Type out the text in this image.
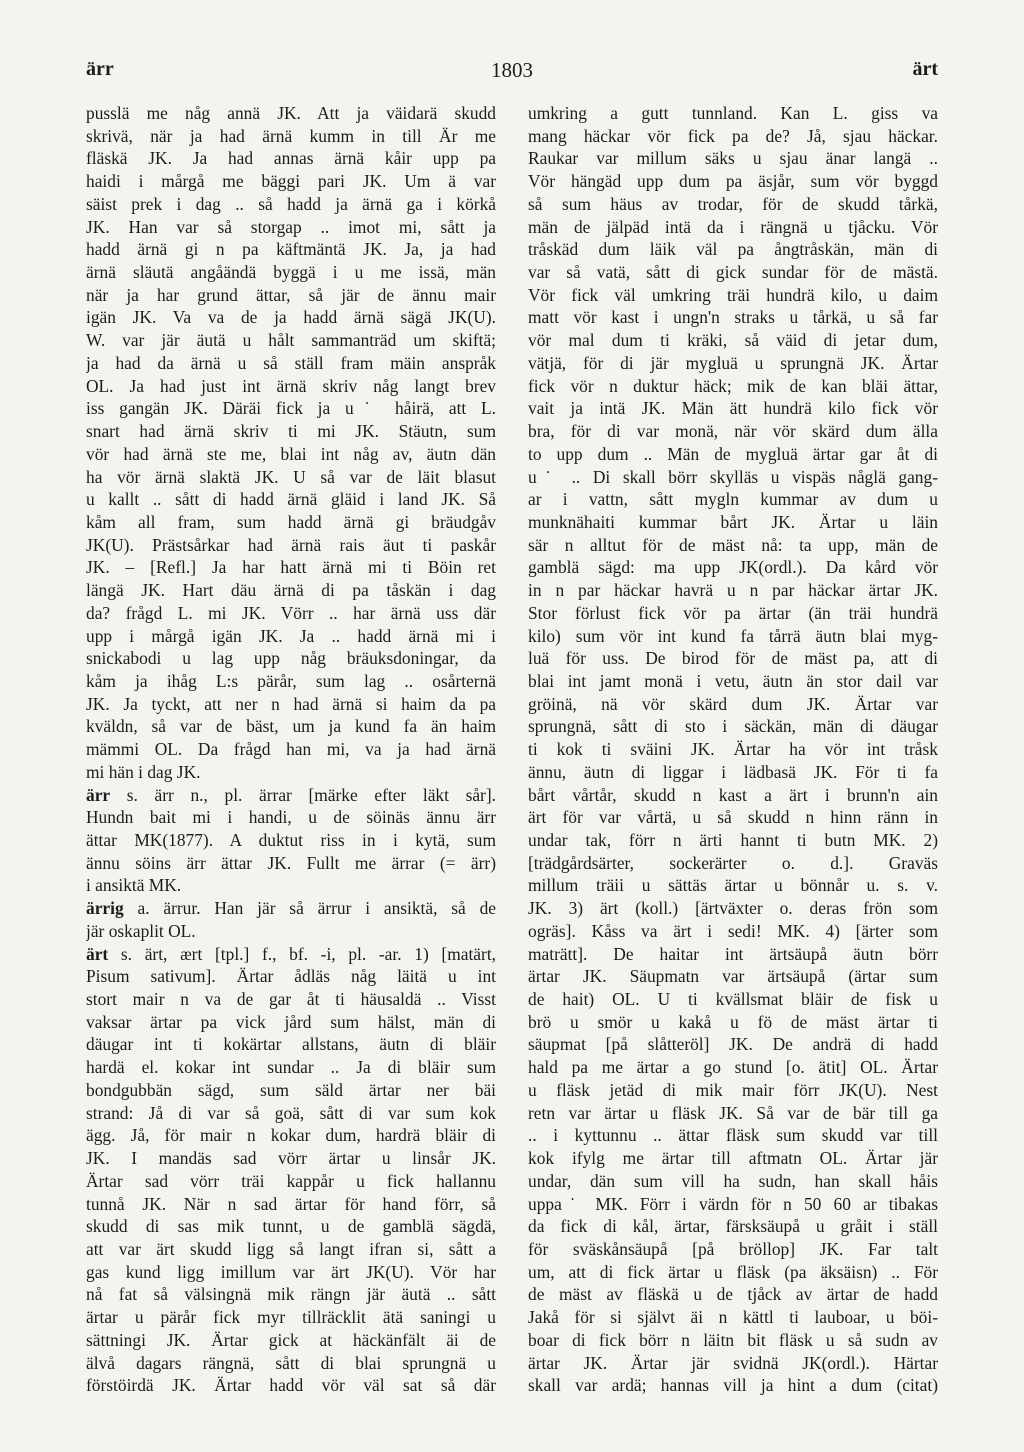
ärr	1803	ärt
pusslä me någ annä JK. Att ja väidarä skudd
skrivä, när ja had ärnä kumm in till Är me
fläskä JK. Ja had annas ärnä kåir upp pa
haidi i mårgå me bäggi pari JK. Um ä var
säist prek i dag .. så hadd ja ärnä ga i körkå
JK. Han var så storgap .. imot mi, sått ja
hadd ärnä gi n pa käftmäntä JK. Ja, ja had
ärnä släutä angåändä byggä i u me issä, män
när ja har grund ättar, så jär de ännu mair
igän JK. Va va de ja hadd ärnä sägä JK(U).
W. var jär äutä u hålt sammanträd um skiftä;
ja had da ärnä u så ställ fram mäin anspråk
OL. Ja had just int ärnä skriv någ langt brev
iss gangän JK. Däräi fick ja u˙ håirä, att L.
snart had ärnä skriv ti mi JK. Stäutn, sum
vör had ärnä ste me, blai int någ av, äutn dän
ha vör ärnä slaktä JK. U så var de läit blasut
u kallt .. sått di hadd ärnä gläid i land JK. Så
kåm all fram, sum hadd ärnä gi bräudgåv
JK(U). Prästsårkar had ärnä rais äut ti paskår
JK. – [Refl.] Ja har hatt ärnä mi ti Böin ret
längä JK. Hart däu ärnä di pa tåskän i dag
da? frågd L. mi JK. Vörr .. har ärnä uss där
upp i mårgå igän JK. Ja .. hadd ärnä mi i
snickabodi u lag upp någ bräuksdoningar, da
kåm ja ihåg L:s pärår, sum lag .. osårternä
JK. Ja tyckt, att ner n had ärnä si haim da pa
kväldn, så var de bäst, um ja kund fa än haim
mämmi OL. Da frågd han mi, va ja had ärnä
mi hän i dag JK.
ärr s. ärr n., pl. ärrar [märke efter läkt sår].
Hundn bait mi i handi, u de söinäs ännu ärr
ättar MK(1877). A duktut riss in i kytä, sum
ännu söins ärr ättar JK. Fullt me ärrar (= ärr)
i ansiktä MK.
ärrig a. ärrur. Han jär så ärrur i ansiktä, så de
jär oskaplit OL.
ärt s. ärt, ært [tpl.] f., bf. -i, pl. -ar. 1) [matärt,
Pisum sativum]. Ärtar ådläs någ läitä u int
stort mair n va de gar åt ti häusaldä .. Visst
vaksar ärtar pa vick jård sum hälst, män di
däugar int ti kokärtar allstans, äutn di bläir
hardä el. kokar int sundar .. Ja di bläir sum
bondgubbän sägd, sum säld ärtar ner bäi
strand: Jå di var så goä, sått di var sum kok
ägg. Jå, för mair n kokar dum, hardrä bläir di
JK. I mandäs sad vörr ärtar u linsår JK.
Ärtar sad vörr träi kappår u fick hallannu
tunnå JK. När n sad ärtar för hand förr, så
skudd di sas mik tunnt, u de gamblä sägdä,
att var ärt skudd ligg så langt ifran si, sått a
gas kund ligg imillum var ärt JK(U). Vör har
nå fat så välsingnä mik rängn jär äutä .. sått
ärtar u pärår fick myr tillräcklit ätä saningi u
sättningi JK. Ärtar gick at häckänfält äi de
älvå dagars rängnä, sått di blai sprungnä u
förstöirdä JK. Ärtar hadd vör väl sat så där
umkring a gutt tunnland. Kan L. giss va
mang häckar vör fick pa de? Jå, sjau häckar.
Raukar var millum säks u sjau änar langä ..
Vör hängäd upp dum pa äsjår, sum vör byggd
så sum häus av trodar, för de skudd tårkä,
män de jälpäd intä da i rängnä u tjåcku. Vör
tråskäd dum läik väl pa ångtråskän, män di
var så vatä, sått di gick sundar för de mästä.
Vör fick väl umkring träi hundrä kilo, u daim
matt vör kast i ungn'n straks u tårkä, u så far
vör mal dum ti kräki, så väid di jetar dum,
vätjä, för di jär mygluä u sprungnä JK. Ärtar
fick vör n duktur häck; mik de kan bläi ättar,
vait ja intä JK. Män ätt hundrä kilo fick vör
bra, för di var monä, när vör skärd dum älla
to upp dum .. Män de mygluä ärtar gar åt di
u˙ .. Di skall börr skylläs u vispäs någlä gang-
ar i vattn, sått mygln kummar av dum u
munknähaiti kummar bårt JK. Ärtar u läin
sär n alltut för de mäst nå: ta upp, män de
gamblä sägd: ma upp JK(ordl.). Da kård vör
in n par häckar havrä u n par häckar ärtar JK.
Stor förlust fick vör pa ärtar (än träi hundrä
kilo) sum vör int kund fa tårrä äutn blai myg-
luä för uss. De birod för de mäst pa, att di
blai int jamt monä i vetu, äutn än stor dail var
gröinä, nä vör skärd dum JK. Ärtar var
sprungnä, sått di sto i säckän, män di däugar
ti kok ti sväini JK. Ärtar ha vör int tråsk
ännu, äutn di liggar i lädbasä JK. För ti fa
bårt vårtår, skudd n kast a ärt i brunn'n ain
ärt för var vårtä, u så skudd n hinn ränn in
undar tak, förr n ärti hannt ti butn MK. 2)
[trädgårdsärter, sockerärter o. d.]. Graväs
millum träii u sättäs ärtar u bönnår u. s. v.
JK. 3) ärt (koll.) [ärtväxter o. deras frön som
ogräs]. Kåss va ärt i sedi! MK. 4) [ärter som
maträtt]. De haitar int ärtsäupå äutn börr
ärtar JK. Säupmatn var ärtsäupå (ärtar sum
de hait) OL. U ti kvällsmat bläir de fisk u
brö u smör u kakå u fö de mäst ärtar ti
säupmat [på slåtteröl] JK. De andrä di hadd
hald pa me ärtar a go stund [o. ätit] OL. Ärtar
u fläsk jetäd di mik mair förr JK(U). Nest
retn var ärtar u fläsk JK. Så var de bär till ga
.. i kyttunnu .. ättar fläsk sum skudd var till
kok ifylg me ärtar till aftmatn OL. Ärtar jär
undar, dän sum vill ha sudn, han skall håis
uppa˙ MK. Förr i värdn för n 50 60 ar tibakas
da fick di kål, ärtar, färsksäupå u gråit i ställ
för sväskånsäupå [på bröllop] JK. Far talt
um, att di fick ärtar u fläsk (pa äksäisn) .. För
de mäst av fläskä u de tjåck av ärtar de hadd
Jakå för si självt äi n kättl ti lauboar, u böi-
boar di fick börr n läitn bit fläsk u så sudn av
ärtar JK. Ärtar jär svidnä JK(ordl.). Härtar
skall var ardä; hannas vill ja hint a dum (citat)
